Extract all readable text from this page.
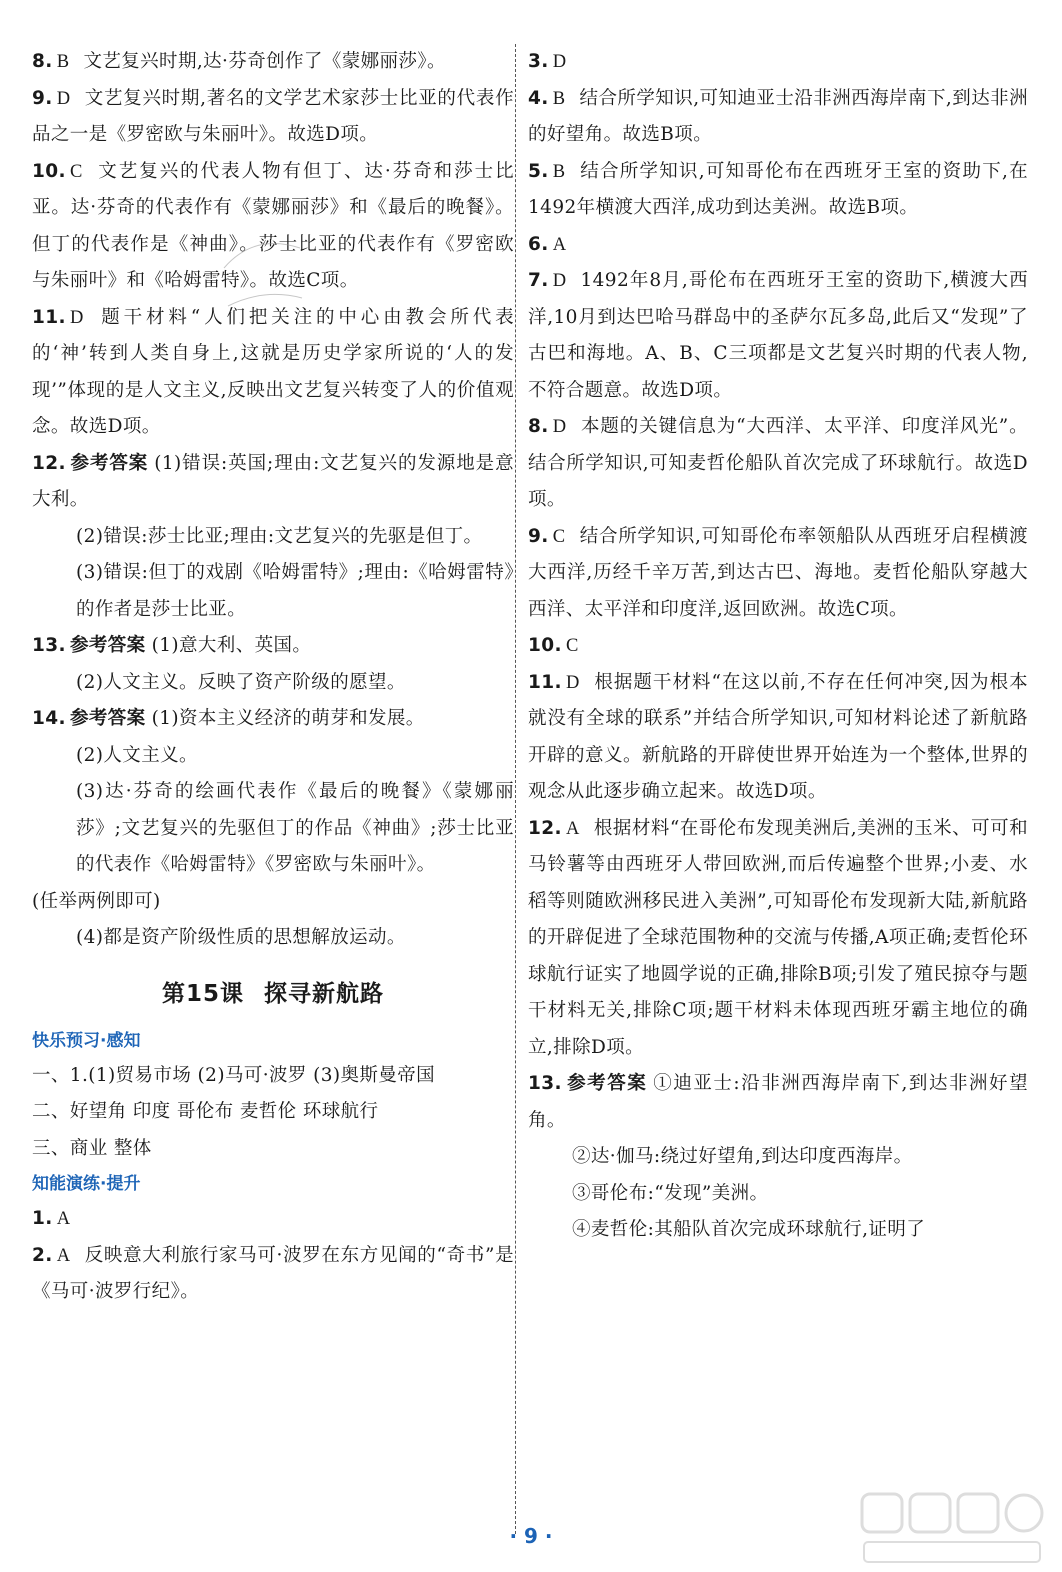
8. B 文艺复兴时期,达·芬奇创作了《蒙娜丽莎》。

9. D 文艺复兴时期,著名的文学艺术家莎士比亚的代表作品之一是《罗密欧与朱丽叶》。故选D项。

10. C 文艺复兴的代表人物有但丁、达·芬奇和莎士比亚。达·芬奇的代表作有《蒙娜丽莎》和《最后的晚餐》。但丁的代表作是《神曲》。莎士比亚的代表作有《罗密欧与朱丽叶》和《哈姆雷特》。故选C项。

11. D 题干材料“人们把关注的中心由教会所代表的‘神’转到人类自身上,这就是历史学家所说的‘人的发现’”体现的是人文主义,反映出文艺复兴转变了人的价值观念。故选D项。

12. 参考答案 (1)错误:英国;理由:文艺复兴的发源地是意大利。

(2)错误:莎士比亚;理由:文艺复兴的先驱是但丁。

(3)错误:但丁的戏剧《哈姆雷特》;理由:《哈姆雷特》的作者是莎士比亚。

13. 参考答案 (1)意大利、英国。

(2)人文主义。反映了资产阶级的愿望。

14. 参考答案 (1)资本主义经济的萌芽和发展。

(2)人文主义。

(3)达·芬奇的绘画代表作《最后的晚餐》《蒙娜丽莎》;文艺复兴的先驱但丁的作品《神曲》;莎士比亚的代表作《哈姆雷特》《罗密欧与朱丽叶》。

(任举两例即可)

(4)都是资产阶级性质的思想解放运动。

第15课 探寻新航路

快乐预习·感知

一、1.(1)贸易市场 (2)马可·波罗 (3)奥斯曼帝国

二、好望角 印度 哥伦布 麦哲伦 环球航行

三、商业 整体

知能演练·提升

1. A

2. A 反映意大利旅行家马可·波罗在东方见闻的“奇书”是《马可·波罗行纪》。

3. D

4. B 结合所学知识,可知迪亚士沿非洲西海岸南下,到达非洲的好望角。故选B项。

5. B 结合所学知识,可知哥伦布在西班牙王室的资助下,在1492年横渡大西洋,成功到达美洲。故选B项。

6. A

7. D 1492年8月,哥伦布在西班牙王室的资助下,横渡大西洋,10月到达巴哈马群岛中的圣萨尔瓦多岛,此后又“发现”了古巴和海地。A、B、C三项都是文艺复兴时期的代表人物,不符合题意。故选D项。

8. D 本题的关键信息为“大西洋、太平洋、印度洋风光”。结合所学知识,可知麦哲伦船队首次完成了环球航行。故选D项。

9. C 结合所学知识,可知哥伦布率领船队从西班牙启程横渡大西洋,历经千辛万苦,到达古巴、海地。麦哲伦船队穿越大西洋、太平洋和印度洋,返回欧洲。故选C项。

10. C

11. D 根据题干材料“在这以前,不存在任何冲突,因为根本就没有全球的联系”并结合所学知识,可知材料论述了新航路开辟的意义。新航路的开辟使世界开始连为一个整体,世界的观念从此逐步确立起来。故选D项。

12. A 根据材料“在哥伦布发现美洲后,美洲的玉米、可可和马铃薯等由西班牙人带回欧洲,而后传遍整个世界;小麦、水稻等则随欧洲移民进入美洲”,可知哥伦布发现新大陆,新航路的开辟促进了全球范围物种的交流与传播,A项正确;麦哲伦环球航行证实了地圆学说的正确,排除B项;引发了殖民掠夺与题干材料无关,排除C项;题干材料未体现西班牙霸主地位的确立,排除D项。

13. 参考答案 ①迪亚士:沿非洲西海岸南下,到达非洲好望角。

②达·伽马:绕过好望角,到达印度西海岸。

③哥伦布:“发现”美洲。

④麦哲伦:其船队首次完成环球航行,证明了

· 9 ·
